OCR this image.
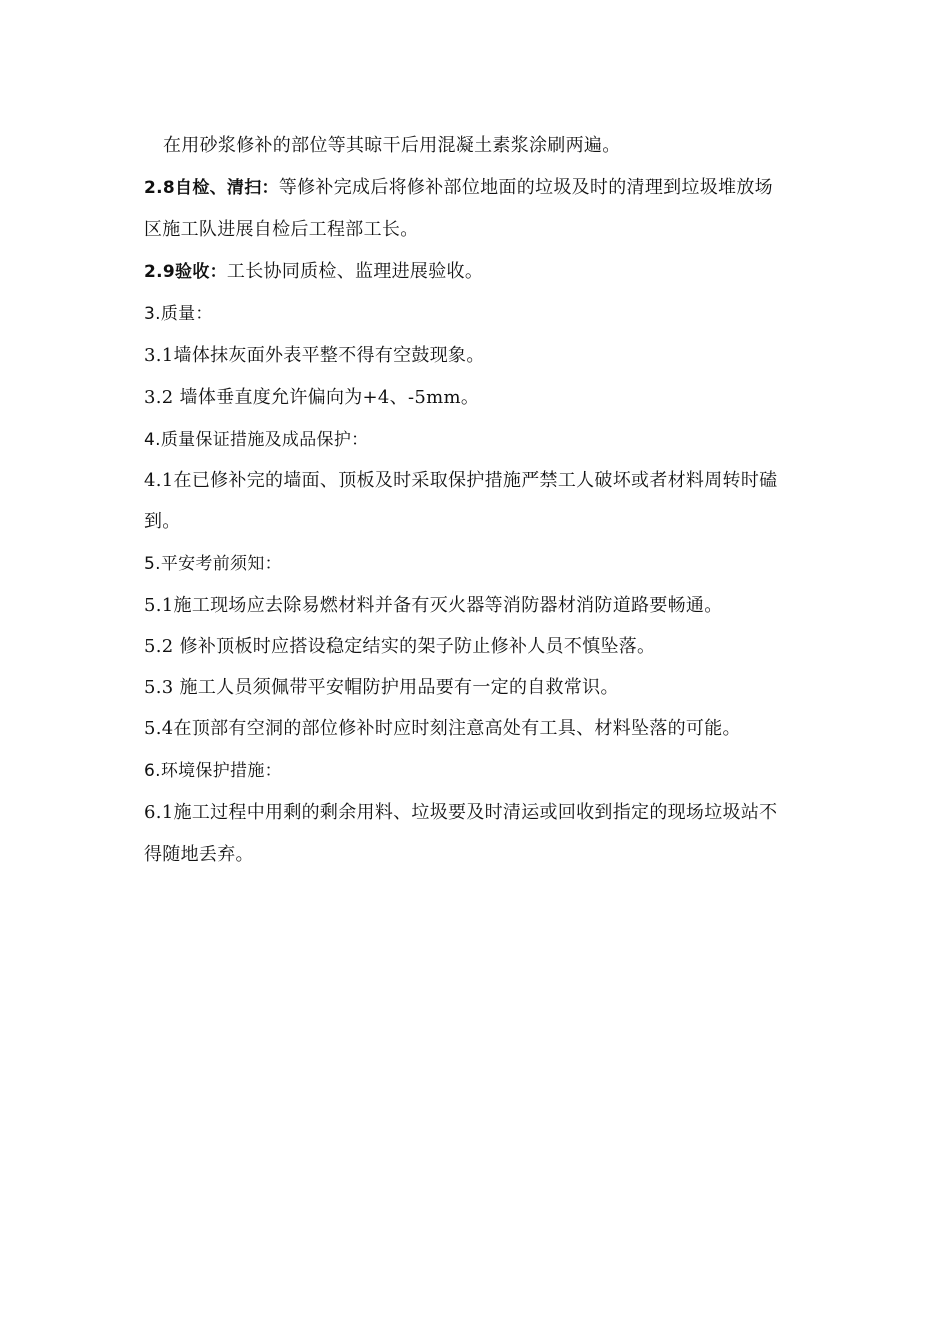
在用砂浆修补的部位等其晾干后用混凝土素浆涂刷两遍。
2.8自检、清扫：等修补完成后将修补部位地面的垃圾及时的清理到垃圾堆放场
区施工队进展自检后工程部工长。
2.9验收：工长协同质检、监理进展验收。
3.质量：
3.1墙体抹灰面外表平整不得有空鼓现象。
3.2 墙体垂直度允许偏向为+4、-5mm。
4.质量保证措施及成品保护：
4.1在已修补完的墙面、顶板及时采取保护措施严禁工人破坏或者材料周转时磕
到。
5.平安考前须知：
5.1施工现场应去除易燃材料并备有灭火器等消防器材消防道路要畅通。
5.2 修补顶板时应搭设稳定结实的架子防止修补人员不慎坠落。
5.3 施工人员须佩带平安帽防护用品要有一定的自救常识。
5.4在顶部有空洞的部位修补时应时刻注意高处有工具、材料坠落的可能。
6.环境保护措施：
6.1施工过程中用剩的剩余用料、垃圾要及时清运或回收到指定的现场垃圾站不
得随地丢弃。
